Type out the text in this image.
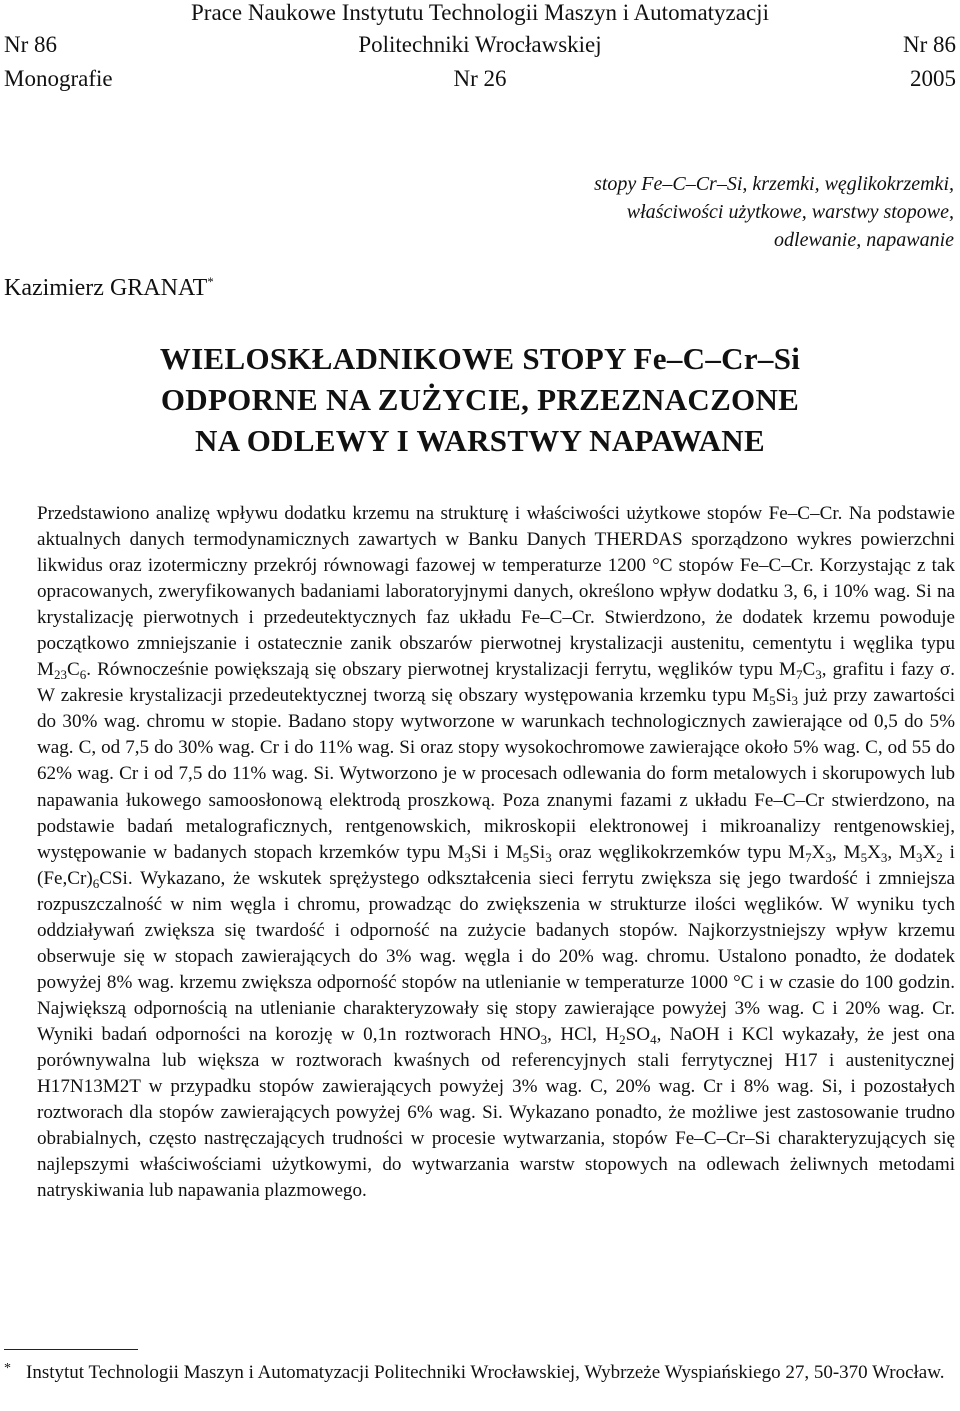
Prace Naukowe Instytutu Technologii Maszyn i Automatyzacji
Nr 86	Politechniki Wrocławskiej	Nr 86
Monografie	Nr 26	2005
stopy Fe–C–Cr–Si, krzemki, węglikokrzemki,
właściwości użytkowe, warstwy stopowe,
odlewanie, napawanie
Kazimierz GRANAT*
WIELOSKŁADNIKOWE STOPY Fe–C–Cr–Si
ODPORNE NA ZUŻYCIE, PRZEZNACZONE
NA ODLEWY I WARSTWY NAPAWANE
Przedstawiono analizę wpływu dodatku krzemu na strukturę i właściwości użytkowe stopów Fe–C–Cr. Na podstawie aktualnych danych termodynamicznych zawartych w Banku Danych THERDAS sporządzono wykres powierzchni likwidus oraz izotermiczny przekrój równowagi fazowej w temperaturze 1200 °C stopów Fe–C–Cr. Korzystając z tak opracowanych, zweryfikowanych badaniami laboratoryjnymi danych, określono wpływ dodatku 3, 6, i 10% wag. Si na krystalizację pierwotnych i przedeutektycznych faz układu Fe–C–Cr. Stwierdzono, że dodatek krzemu powoduje początkowo zmniejszanie i ostatecznie zanik obszarów pierwotnej krystalizacji austenitu, cementytu i węglika typu $M_{23}C_6$. Równocześnie powiększają się obszary pierwotnej krystalizacji ferrytu, węglików typu $M_7C_3$, grafitu i fazy σ. W zakresie krystalizacji przedeutektycznej tworzą się obszary występowania krzemku typu $M_5Si_3$ już przy zawartości do 30% wag. chromu w stopie. Badano stopy wytworzone w warunkach technologicznych zawierające od 0,5 do 5% wag. C, od 7,5 do 30% wag. Cr i do 11% wag. Si oraz stopy wysokochromowe zawierające około 5% wag. C, od 55 do 62% wag. Cr i od 7,5 do 11% wag. Si. Wytworzono je w procesach odlewania do form metalowych i skorupowych lub napawania łukowego samoosłonową elektrodą proszkową. Poza znanymi fazami z układu Fe–C–Cr stwierdzono, na podstawie badań metalograficznych, rentgenowskich, mikroskopii elektronowej i mikroanalizy rentgenowskiej, występowanie w badanych stopach krzemków typu $M_3Si$ i $M_5Si_3$ oraz węglikokrzemków typu $M_7X_3$, $M_5X_3$, $M_3X_2$ i $(Fe,Cr)_6CSi$. Wykazano, że wskutek sprężystego odkształcenia sieci ferrytu zwiększa się jego twardość i zmniejsza rozpuszczalność w nim węgla i chromu, prowadząc do zwiększenia w strukturze ilości węglików. W wyniku tych oddziaływań zwiększa się twardość i odporność na zużycie badanych stopów. Najkorzystniejszy wpływ krzemu obserwuje się w stopach zawierających do 3% wag. węgla i do 20% wag. chromu. Ustalono ponadto, że dodatek powyżej 8% wag. krzemu zwiększa odporność stopów na utlenianie w temperaturze 1000 °C i w czasie do 100 godzin. Największą odpornością na utlenianie charakteryzowały się stopy zawierające powyżej 3% wag. C i 20% wag. Cr. Wyniki badań odporności na korozję w 0,1n roztworach $HNO_3$, HCl, $H_2SO_4$, NaOH i KCl wykazały, że jest ona porównywalna lub większa w roztworach kwaśnych od referencyjnych stali ferrytycznej H17 i austenitycznej H17N13M2T w przypadku stopów zawierających powyżej 3% wag. C, 20% wag. Cr i 8% wag. Si, i pozostałych roztworach dla stopów zawierających powyżej 6% wag. Si. Wykazano ponadto, że możliwe jest zastosowanie trudno obrabialnych, często nastręczających trudności w procesie wytwarzania, stopów Fe–C–Cr–Si charakteryzujących się najlepszymi właściwościami użytkowymi, do wytwarzania warstw stopowych na odlewach żeliwnych metodami natryskiwania lub napawania plazmowego.
* Instytut Technologii Maszyn i Automatyzacji Politechniki Wrocławskiej, Wybrzeże Wyspiańskiego 27, 50-370 Wrocław.
